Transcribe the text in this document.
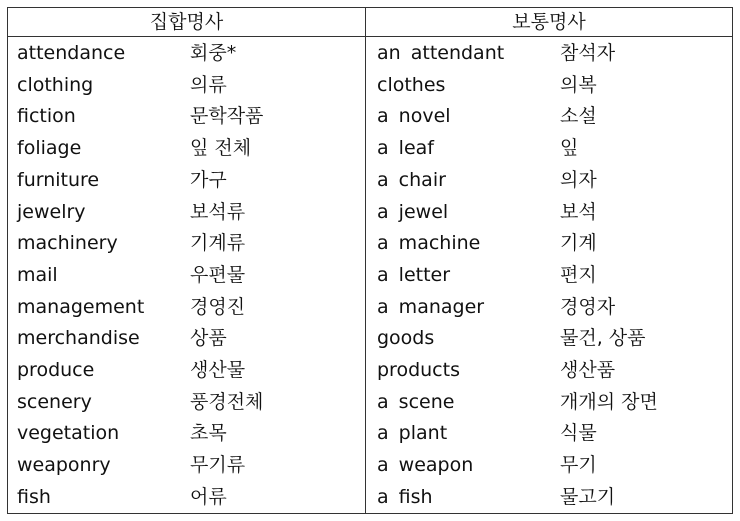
집합명사	보통명사
attendance	회중*	an attendant	참석자
clothing	의류	clothes	의복
fiction	문학작품	a novel	소설
foliage	잎 전체	a leaf	잎
furniture	가구	a chair	의자
jewelry	보석류	a jewel	보석
machinery	기계류	a machine	기계
mail	우편물	a letter	편지
management 경영진	a manager	경영자
merchandise	상품	goods	물건, 상품
produce	생산물	products	생산품
scenery	풍경전체	a scene	개개의 장면
vegetation	초목	a plant	식물
weaponry	무기류	a weapon	무기
fish	어류	a fish	물고기
